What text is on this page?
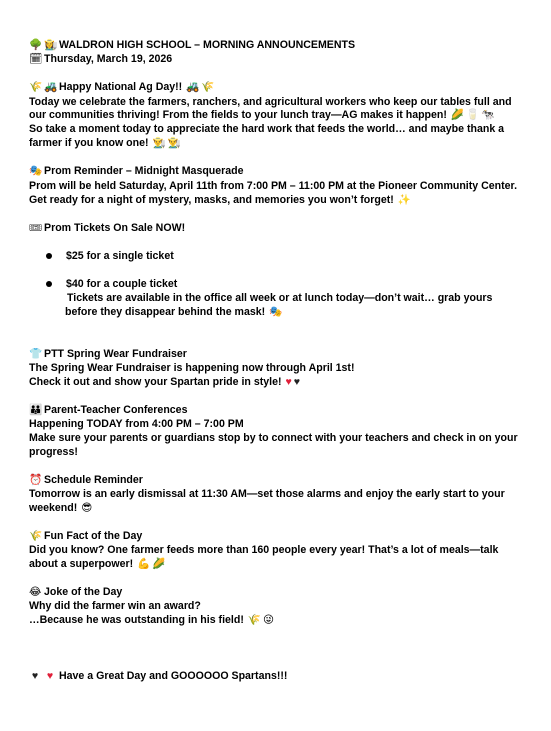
🌳 👩‍🌾 WALDRON HIGH SCHOOL – MORNING ANNOUNCEMENTS
🗓 Thursday, March 19, 2026
🌾 🚜 Happy National Ag Day!! 🚜 🌾
Today we celebrate the farmers, ranchers, and agricultural workers who keep our tables full and
our communities thriving! From the fields to your lunch tray—AG makes it happen! 🌽 🥛 🐄
So take a moment today to appreciate the hard work that feeds the world… and maybe thank a
farmer if you know one! 👨‍🌾 👨‍🌾
🎭 Prom Reminder – Midnight Masquerade
Prom will be held Saturday, April 11th from 7:00 PM – 11:00 PM at the Pioneer Community Center.
Get ready for a night of mystery, masks, and memories you won’t forget! ✨
🎟 Prom Tickets On Sale NOW!
$25 for a single ticket
$40 for a couple ticket
Tickets are available in the office all week or at lunch today—don’t wait… grab yours
before they disappear behind the mask! 🎭
👕 PTT Spring Wear Fundraiser
The Spring Wear Fundraiser is happening now through April 1st!
Check it out and show your Spartan pride in style! ♥ ♥
👪 Parent-Teacher Conferences
Happening TODAY from 4:00 PM – 7:00 PM
Make sure your parents or guardians stop by to connect with your teachers and check in on your
progress!
⏰ Schedule Reminder
Tomorrow is an early dismissal at 11:30 AM—set those alarms and enjoy the early start to your
weekend! 😎
🌾 Fun Fact of the Day
Did you know? One farmer feeds more than 160 people every year! That’s a lot of meals—talk
about a superpower! 💪 🌽
😂 Joke of the Day
Why did the farmer win an award?
…Because he was outstanding in his field! 🌾 😜
♥ ♥ Have a Great Day and GOOOOOO Spartans!!!
